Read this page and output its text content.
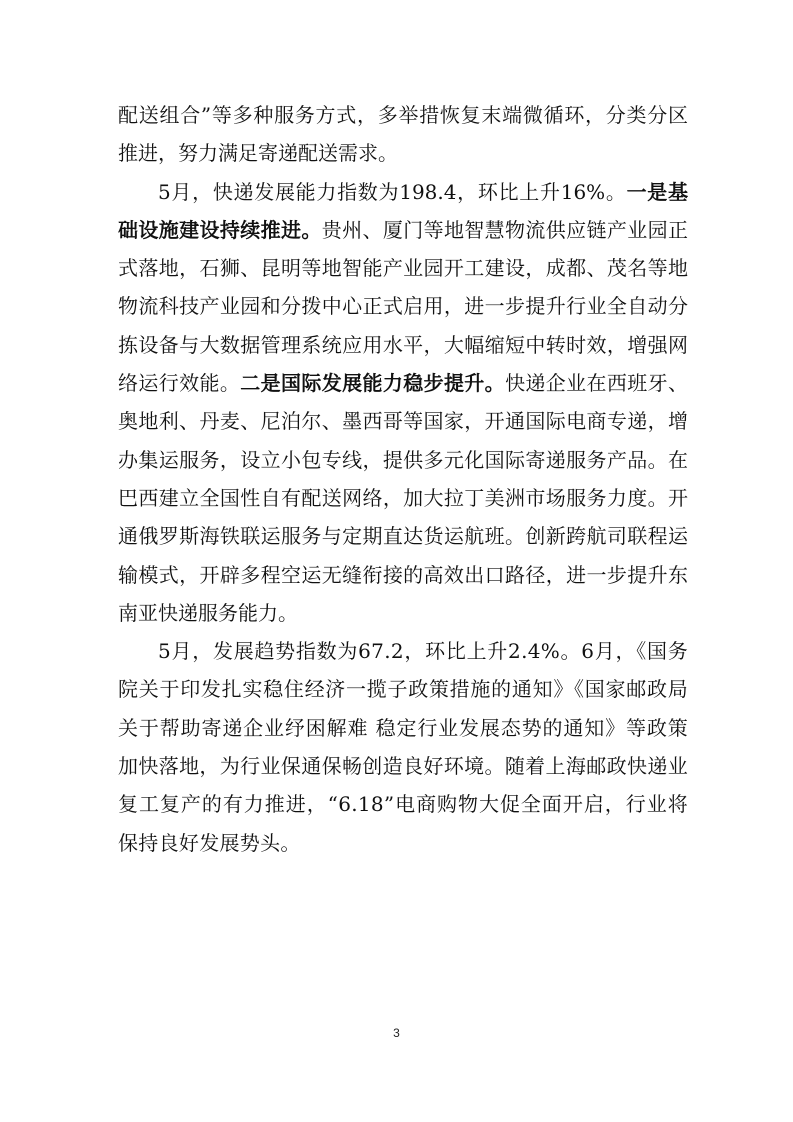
配送组合”等多种服务方式，多举措恢复末端微循环，分类分区推进，努力满足寄递配送需求。

5月，快递发展能力指数为198.4，环比上升16%。一是基础设施建设持续推进。贵州、厦门等地智慧物流供应链产业园正式落地，石狮、昆明等地智能产业园开工建设，成都、茂名等地物流科技产业园和分拨中心正式启用，进一步提升行业全自动分拣设备与大数据管理系统应用水平，大幅缩短中转时效，增强网络运行效能。二是国际发展能力稳步提升。快递企业在西班牙、奥地利、丹麦、尼泊尔、墨西哥等国家，开通国际电商专递，增办集运服务，设立小包专线，提供多元化国际寄递服务产品。在巴西建立全国性自有配送网络，加大拉丁美洲市场服务力度。开通俄罗斯海铁联运服务与定期直达货运航班。创新跨航司联程运输模式，开辟多程空运无缝衔接的高效出口路径，进一步提升东南亚快递服务能力。

5月，发展趋势指数为67.2，环比上升2.4%。6月，《国务院关于印发扎实稳住经济一揽子政策措施的通知》《国家邮政局关于帮助寄递企业纾困解难 稳定行业发展态势的通知》等政策加快落地，为行业保通保畅创造良好环境。随着上海邮政快递业复工复产的有力推进，“6.18”电商购物大促全面开启，行业将保持良好发展势头。

3
